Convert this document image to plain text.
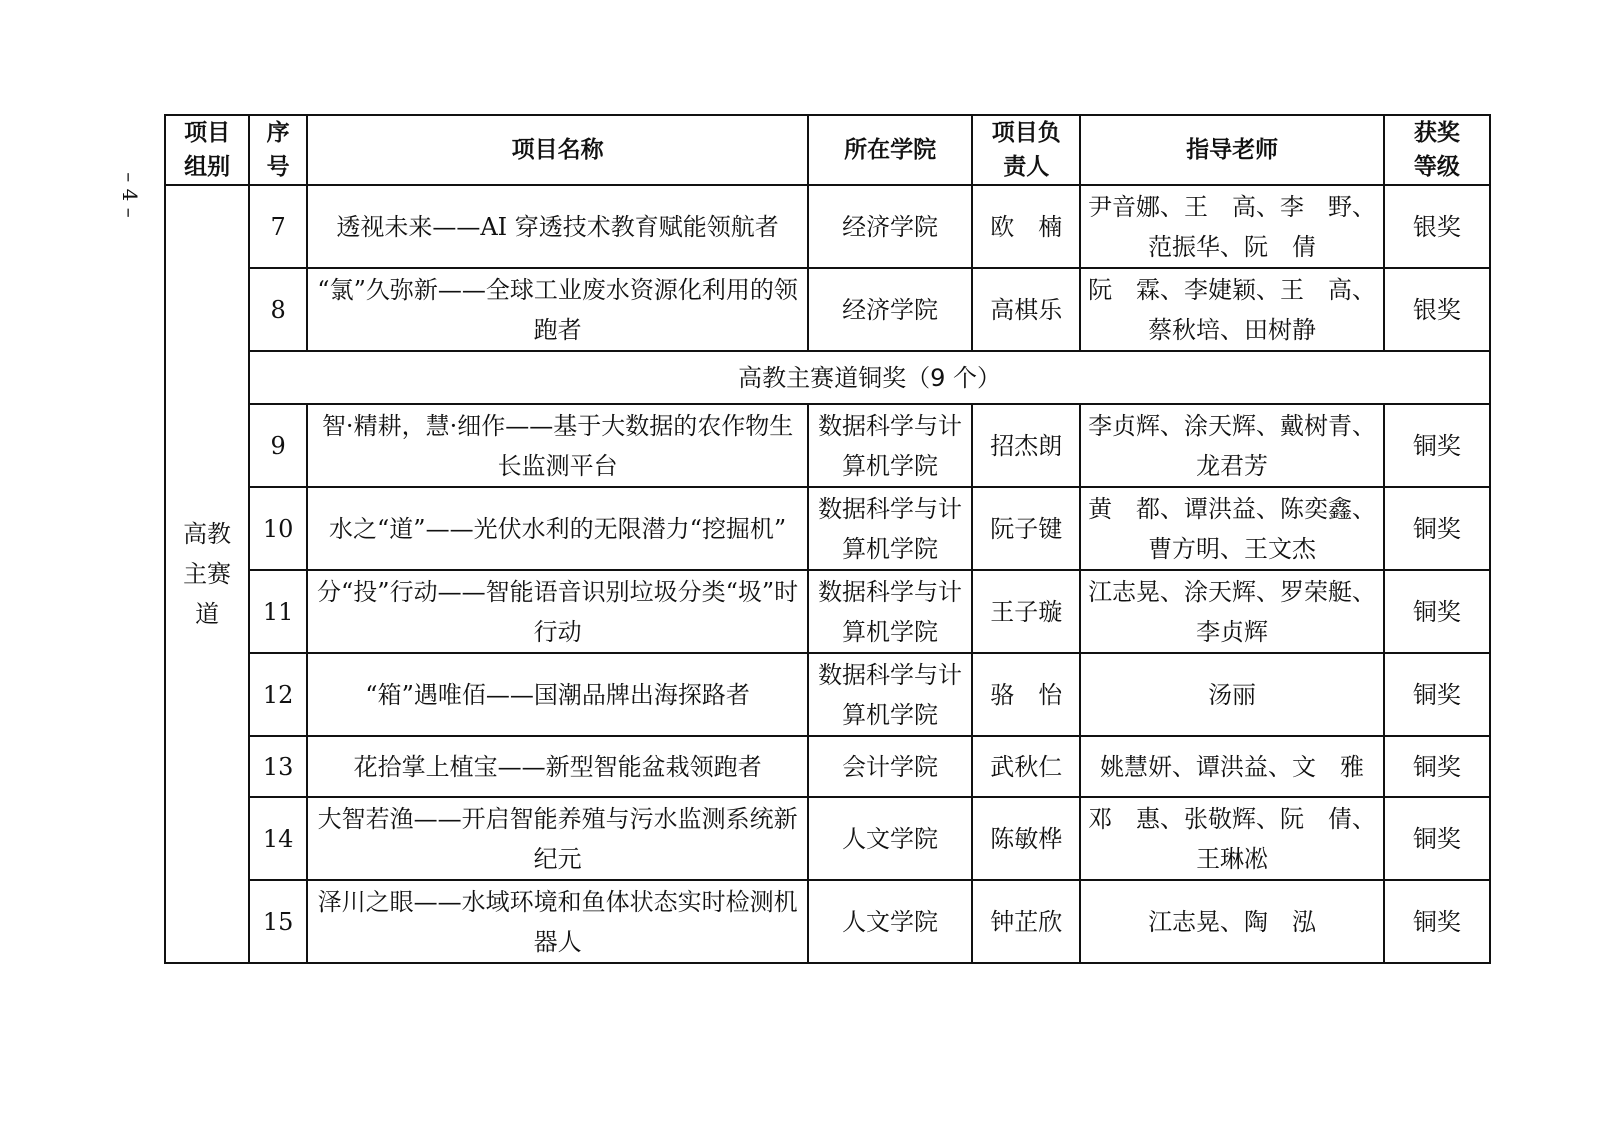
– 4 –
项目组别	序号	项目名称	所在学院	项目负责人	指导老师	获奖等级

高教主赛道	7	透视未来——AI 穿透技术教育赋能领航者	经济学院	欧　楠	尹音娜、王　高、李　野、范振华、阮　倩	银奖
	8	“氯”久弥新——全球工业废水资源化利用的领跑者	经济学院	高棋乐	阮　霖、李婕颖、王　高、蔡秋培、田树静	银奖
	高教主赛道铜奖（9 个）					
	9	智·精耕，慧·细作——基于大数据的农作物生长监测平台	数据科学与计算机学院	招杰朗	李贞辉、涂天辉、戴树青、龙君芳	铜奖
	10	水之“道”——光伏水利的无限潜力“挖掘机”	数据科学与计算机学院	阮子键	黄　都、谭洪益、陈奕鑫、曹方明、王文杰	铜奖
	11	分“投”行动——智能语音识别垃圾分类“圾”时行动	数据科学与计算机学院	王子璇	江志晃、涂天辉、罗荣艇、李贞辉	铜奖
	12	“箱”遇唯佰——国潮品牌出海探路者	数据科学与计算机学院	骆　怡	汤丽	铜奖
	13	花拾掌上植宝——新型智能盆栽领跑者	会计学院	武秋仁	姚慧妍、谭洪益、文　雅	铜奖
	14	大智若渔——开启智能养殖与污水监测系统新纪元	人文学院	陈敏桦	邓　惠、张敬辉、阮　倩、王琳凇	铜奖
	15	泽川之眼——水域环境和鱼体状态实时检测机器人	人文学院	钟芷欣	江志晃、陶　泓	铜奖
